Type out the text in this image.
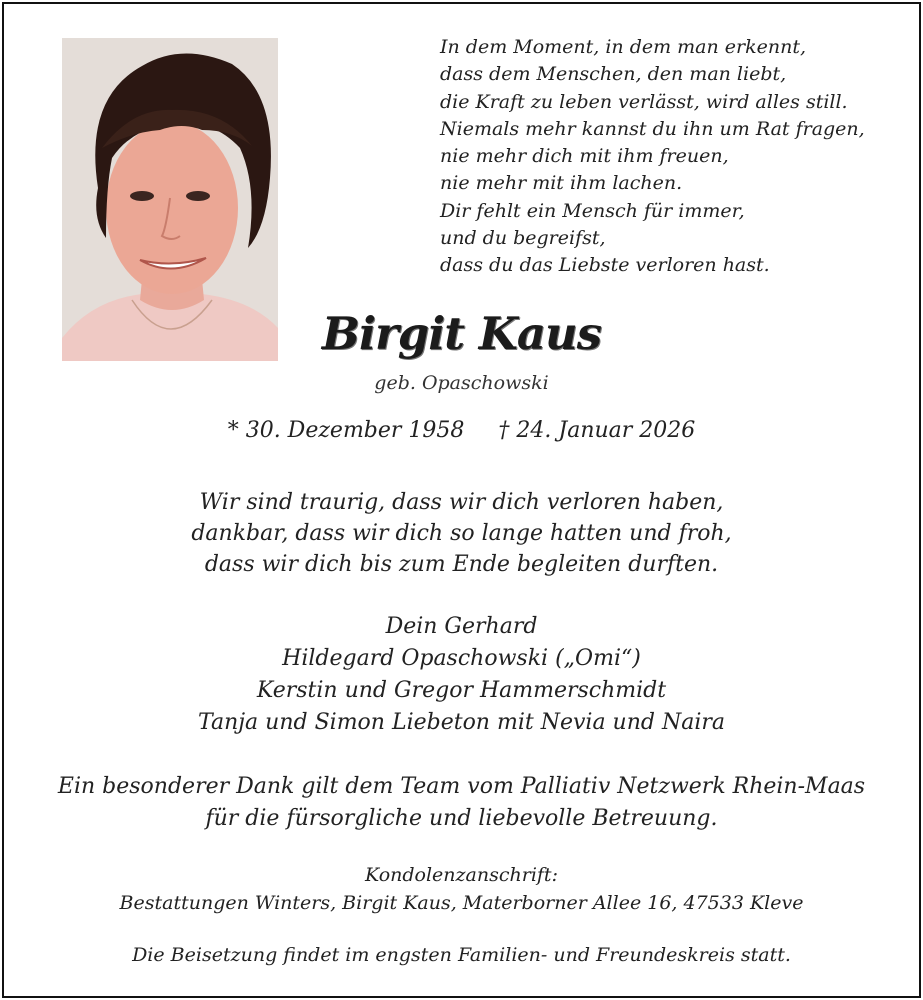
In dem Moment, in dem man erkennt,
dass dem Menschen, den man liebt,
die Kraft zu leben verlässt, wird alles still.
Niemals mehr kannst du ihn um Rat fragen,
nie mehr dich mit ihm freuen,
nie mehr mit ihm lachen.
Dir fehlt ein Mensch für immer,
und du begreifst,
dass du das Liebste verloren hast.
Birgit Kaus
geb. Opaschowski
* 30. Dezember 1958 † 24. Januar 2026
Wir sind traurig, dass wir dich verloren haben,
dankbar, dass wir dich so lange hatten und froh,
dass wir dich bis zum Ende begleiten durften.
Dein Gerhard
Hildegard Opaschowski („Omi“)
Kerstin und Gregor Hammerschmidt
Tanja und Simon Liebeton mit Nevia und Naira
Ein besonderer Dank gilt dem Team vom Palliativ Netzwerk Rhein-Maas
für die fürsorgliche und liebevolle Betreuung.
Kondolenzanschrift:
Bestattungen Winters, Birgit Kaus, Materborner Allee 16, 47533 Kleve
Die Beisetzung findet im engsten Familien- und Freundeskreis statt.
